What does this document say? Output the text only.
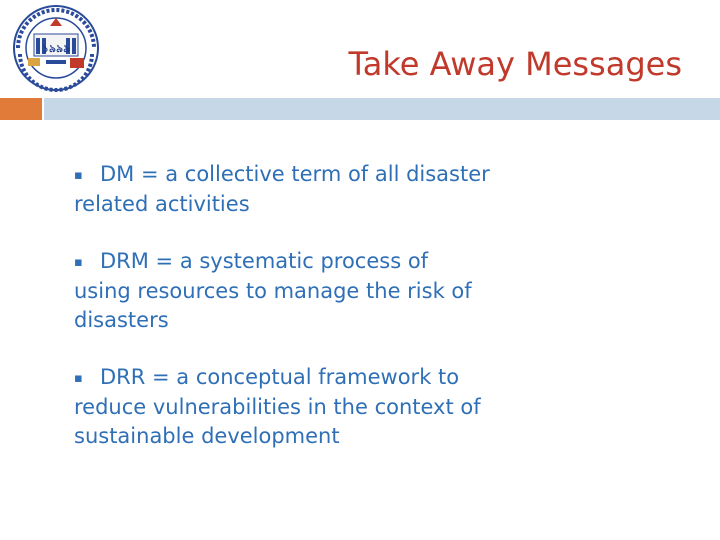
১৯৯৯	Take Away Messages
▪ DM = a collective term of all disaster
related activities
▪ DRM = a systematic process of
using resources to manage the risk of
disasters
▪ DRR = a conceptual framework to
reduce vulnerabilities in the context of
sustainable development
